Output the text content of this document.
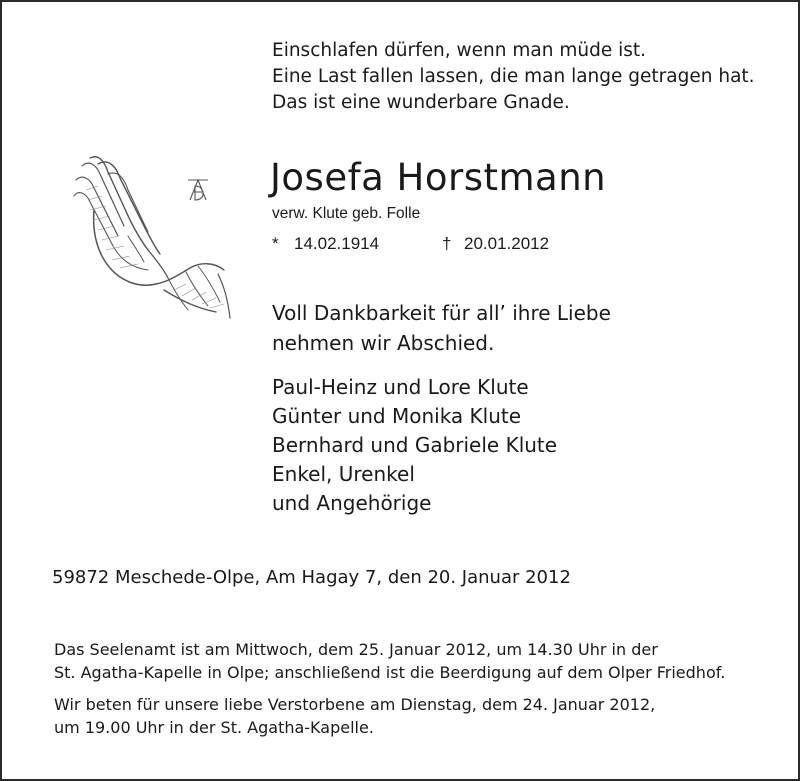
Einschlafen dürfen, wenn man müde ist.
Eine Last fallen lassen, die man lange getragen hat.
Das ist eine wunderbare Gnade.
Josefa Horstmann
verw. Klute geb. Folle
* 14.02.1914	† 20.01.2012
Voll Dankbarkeit für all’ ihre Liebe
nehmen wir Abschied.
Paul-Heinz und Lore Klute
Günter und Monika Klute
Bernhard und Gabriele Klute
Enkel, Urenkel
und Angehörige
59872 Meschede-Olpe, Am Hagay 7, den 20. Januar 2012
Das Seelenamt ist am Mittwoch, dem 25. Januar 2012, um 14.30 Uhr in der
St. Agatha-Kapelle in Olpe; anschließend ist die Beerdigung auf dem Olper Friedhof.
Wir beten für unsere liebe Verstorbene am Dienstag, dem 24. Januar 2012,
um 19.00 Uhr in der St. Agatha-Kapelle.
